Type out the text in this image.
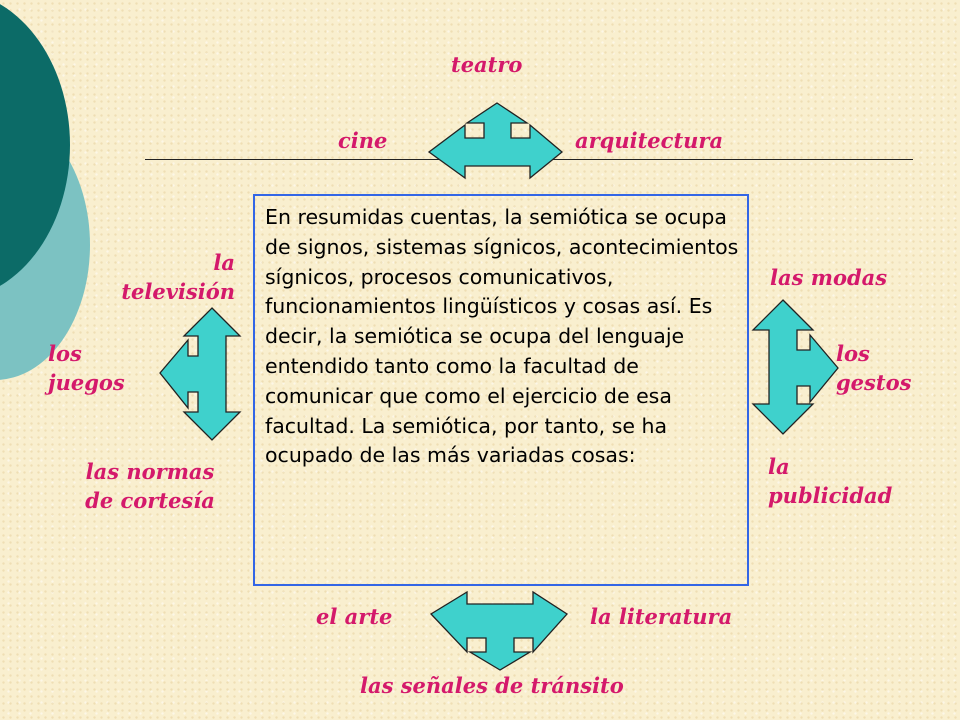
teatro

cine	arquitectura

la
televisión

los
juegos

las normas
de cortesía

las modas

los
gestos

la
publicidad

el arte	la literatura

las señales de tránsito

En resumidas cuentas, la semiótica se ocupa de signos, sistemas sígnicos, acontecimientos sígnicos, procesos comunicativos, funcionamientos lingüísticos y cosas así. Es decir, la semiótica se ocupa del lenguaje entendido tanto como la facultad de comunicar que como el ejercicio de esa facultad. La semiótica, por tanto, se ha ocupado de las más variadas cosas:
